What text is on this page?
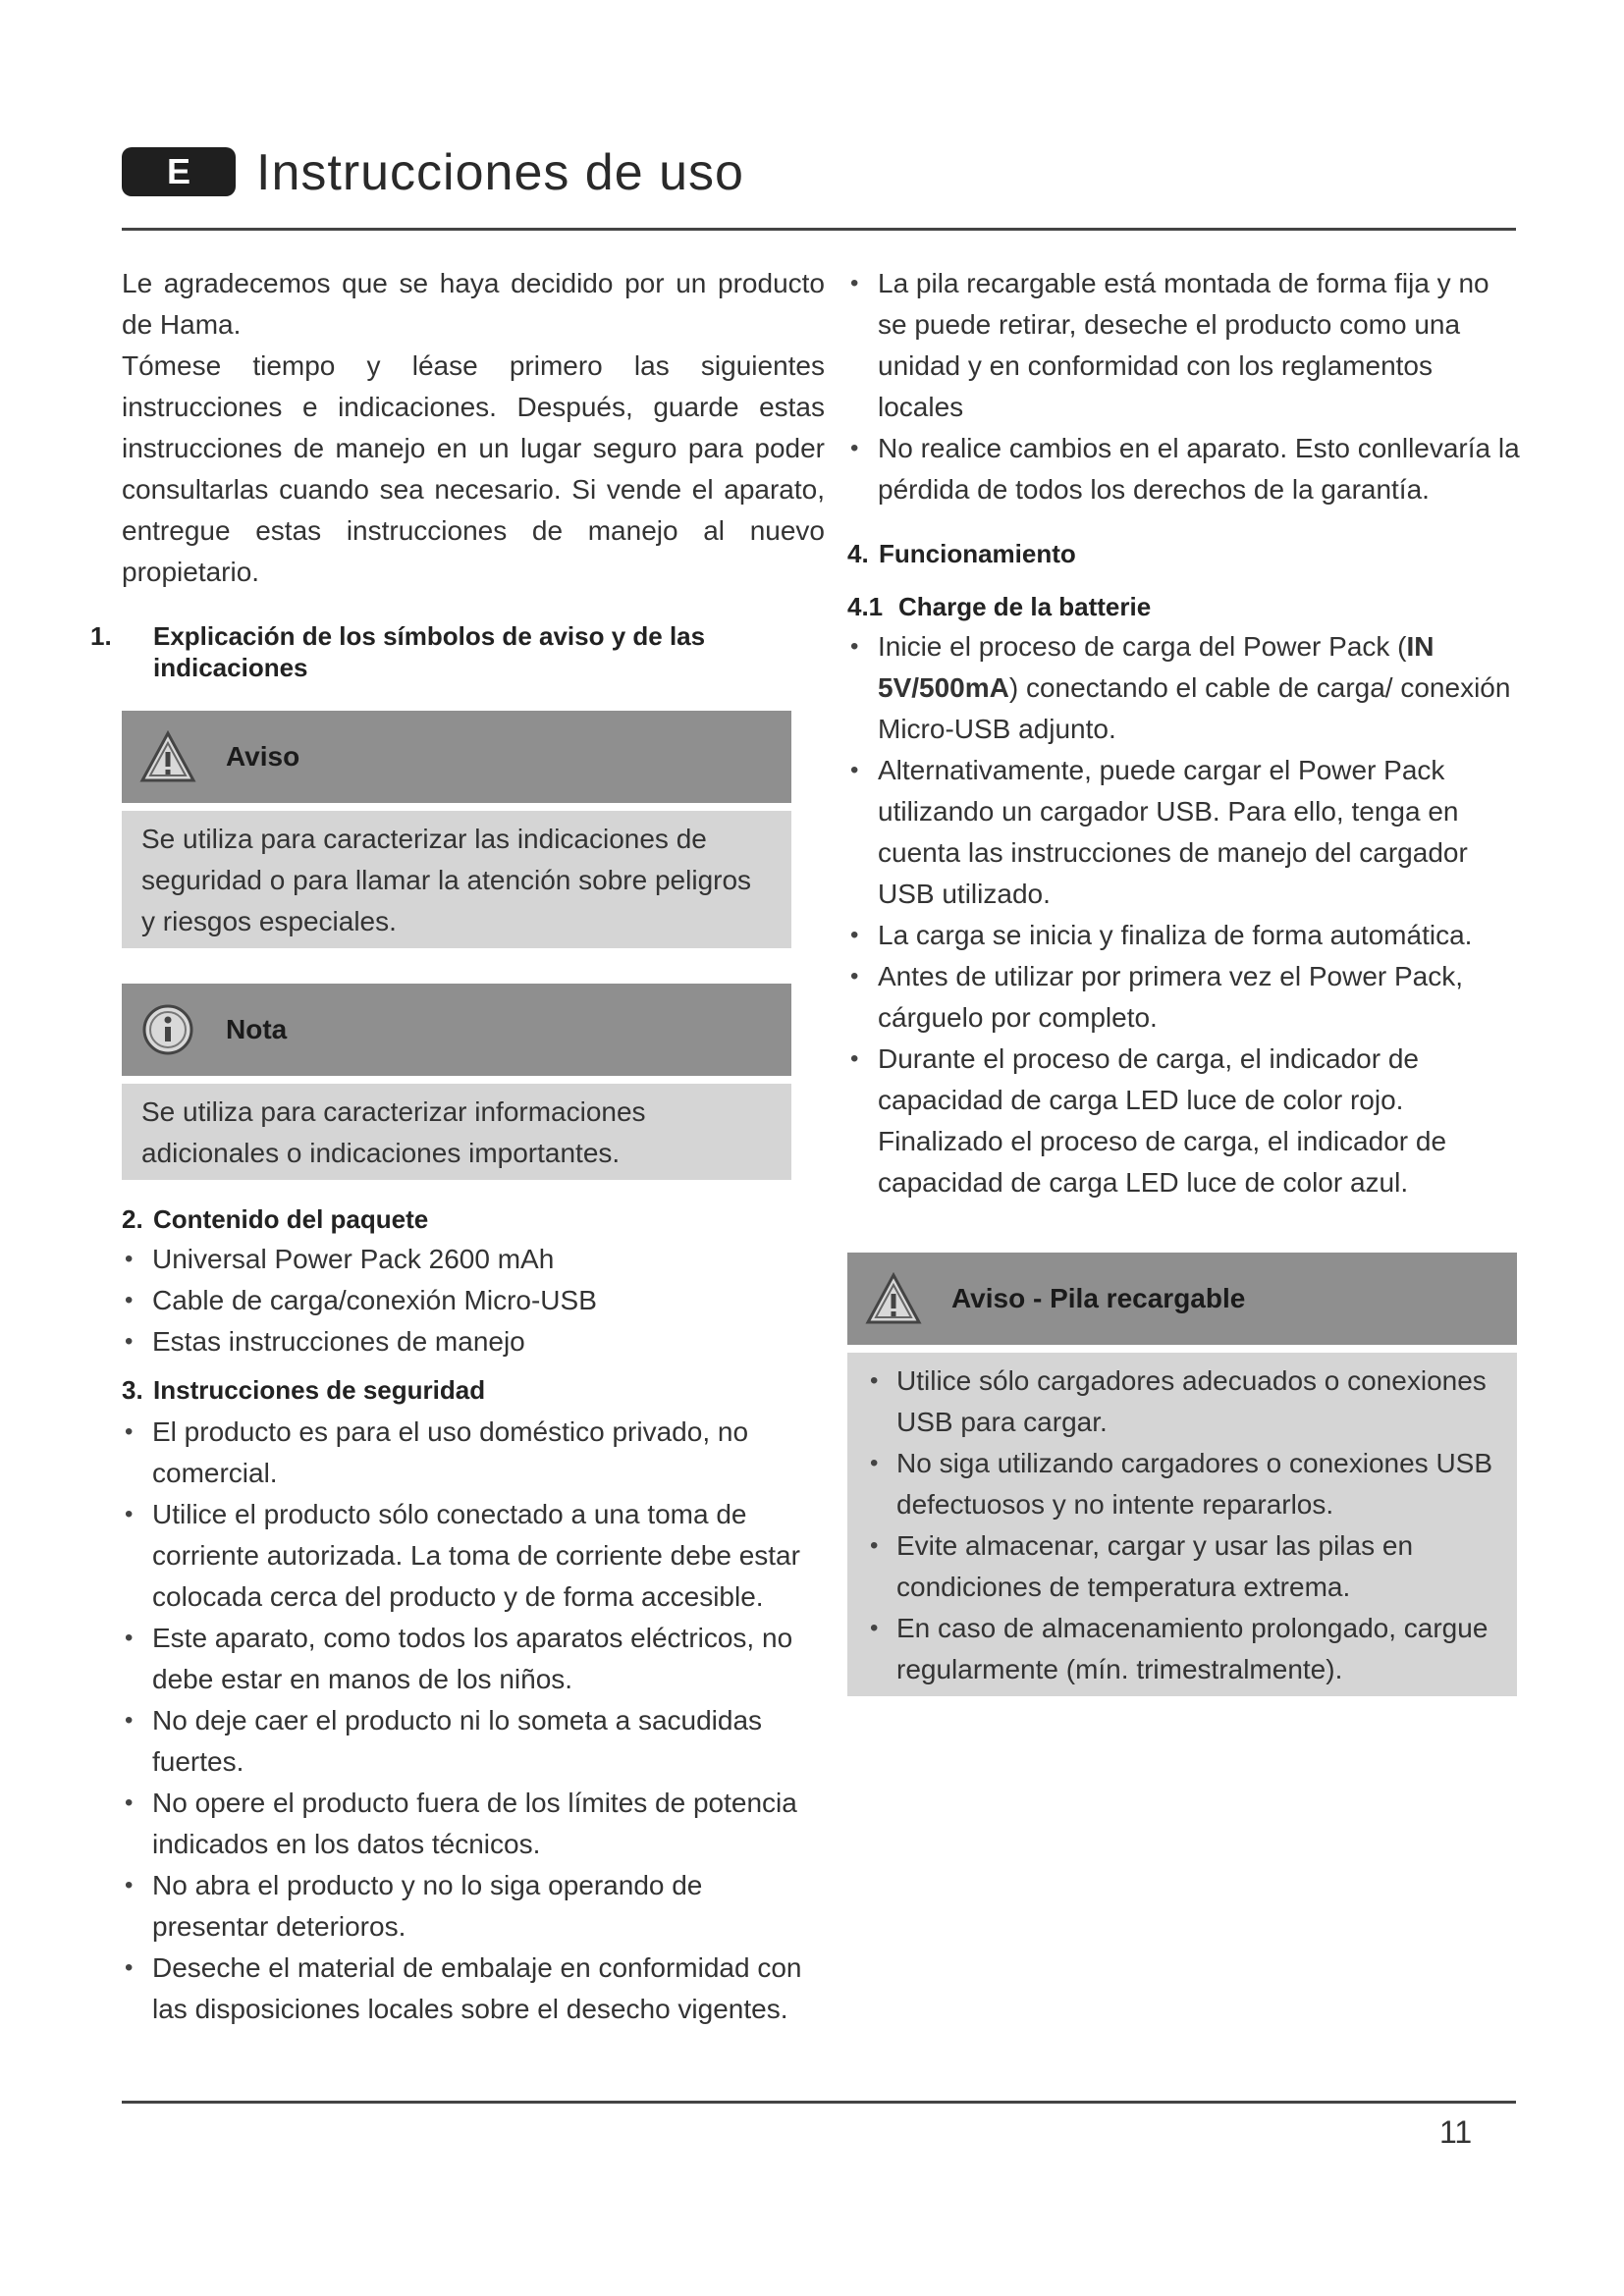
E	Instrucciones de uso

Le agradecemos que se haya decidido por un producto de Hama.

Tómese tiempo y léase primero las siguientes instrucciones e indicaciones. Después, guarde estas instrucciones de manejo en un lugar seguro para poder consultarlas cuando sea necesario. Si vende el aparato, entregue estas instrucciones de manejo al nuevo propietario.

1. Explicación de los símbolos de aviso y de las indicaciones
Aviso

Se utiliza para caracterizar las indicaciones de seguridad o para llamar la atención sobre peligros y riesgos especiales.

Nota

Se utiliza para caracterizar informaciones adicionales o indicaciones importantes.

2. Contenido del paquete
• Universal Power Pack 2600 mAh
• Cable de carga/conexión Micro-USB
• Estas instrucciones de manejo
3. Instrucciones de seguridad
• El producto es para el uso doméstico privado, no comercial.
• Utilice el producto sólo conectado a una toma de corriente autorizada. La toma de corriente debe estar colocada cerca del producto y de forma accesible.
• Este aparato, como todos los aparatos eléctricos, no debe estar en manos de los niños.
• No deje caer el producto ni lo someta a sacudidas fuertes.
• No opere el producto fuera de los límites de potencia indicados en los datos técnicos.
• No abra el producto y no lo siga operando de presentar deterioros.
• Deseche el material de embalaje en conformidad con las disposiciones locales sobre el desecho vigentes.
• La pila recargable está montada de forma fija y no se puede retirar, deseche el producto como una unidad y en conformidad con los reglamentos locales
• No realice cambios en el aparato. Esto conllevaría la pérdida de todos los derechos de la garantía.
4. Funcionamiento
4.1 Charge de la batterie
• Inicie el proceso de carga del Power Pack (IN 5V/500mA) conectando el cable de carga/ conexión Micro-USB adjunto.
• Alternativamente, puede cargar el Power Pack utilizando un cargador USB. Para ello, tenga en cuenta las instrucciones de manejo del cargador USB utilizado.
• La carga se inicia y finaliza de forma automática.
• Antes de utilizar por primera vez el Power Pack, cárguelo por completo.
• Durante el proceso de carga, el indicador de capacidad de carga LED luce de color rojo. Finalizado el proceso de carga, el indicador de capacidad de carga LED luce de color azul.
Aviso - Pila recargable
• Utilice sólo cargadores adecuados o conexiones USB para cargar.
• No siga utilizando cargadores o conexiones USB defectuosos y no intente repararlos.
• Evite almacenar, cargar y usar las pilas en condiciones de temperatura extrema.
• En caso de almacenamiento prolongado, cargue regularmente (mín. trimestralmente).
11
